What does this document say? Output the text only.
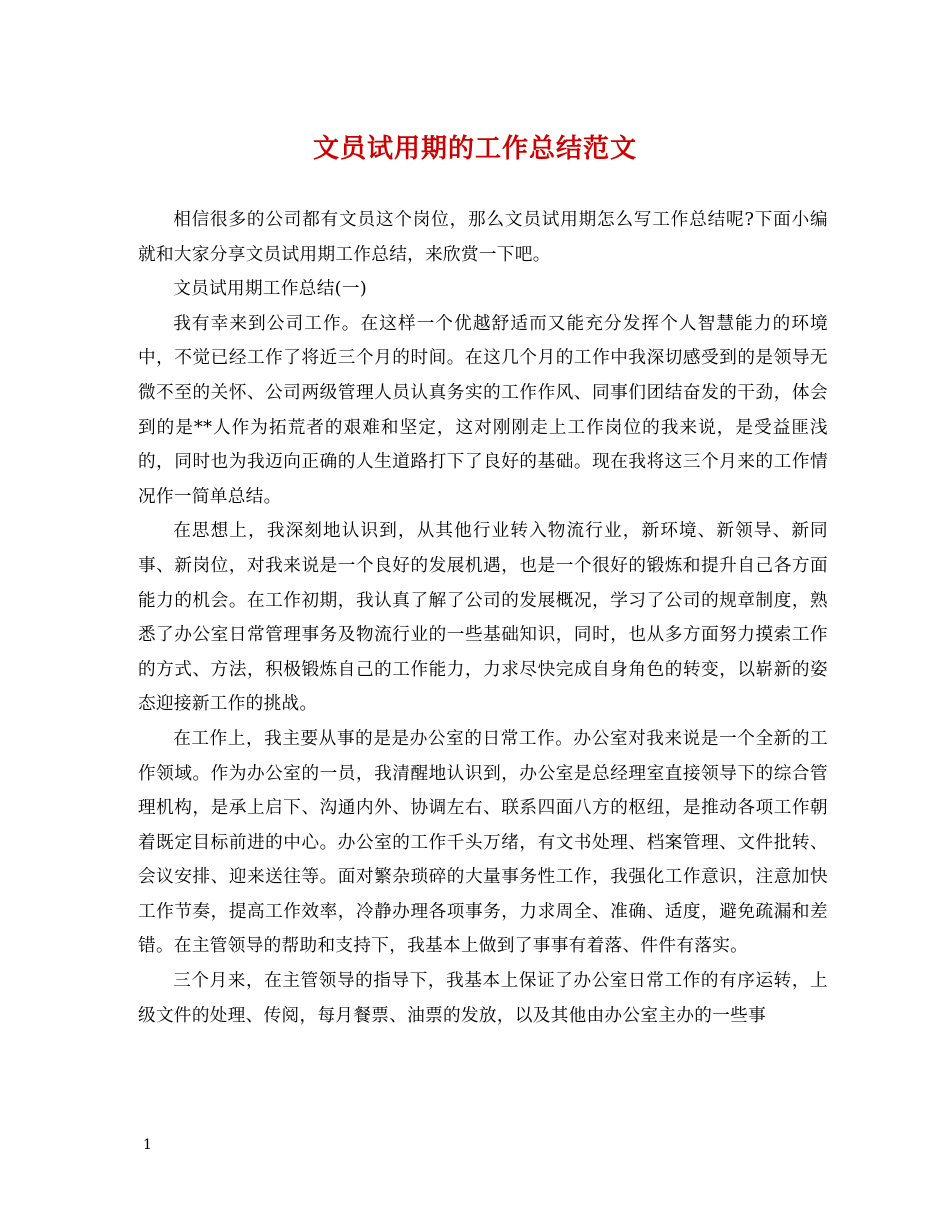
文员试用期的工作总结范文

相信很多的公司都有文员这个岗位，那么文员试用期怎么写工作总结呢?下面小编就和大家分享文员试用期工作总结，来欣赏一下吧。

文员试用期工作总结(一)

我有幸来到公司工作。在这样一个优越舒适而又能充分发挥个人智慧能力的环境中，不觉已经工作了将近三个月的时间。在这几个月的工作中我深切感受到的是领导无微不至的关怀、公司两级管理人员认真务实的工作作风、同事们团结奋发的干劲，体会到的是**人作为拓荒者的艰难和坚定，这对刚刚走上工作岗位的我来说，是受益匪浅的，同时也为我迈向正确的人生道路打下了良好的基础。现在我将这三个月来的工作情况作一简单总结。

在思想上，我深刻地认识到，从其他行业转入物流行业，新环境、新领导、新同事、新岗位，对我来说是一个良好的发展机遇，也是一个很好的锻炼和提升自己各方面能力的机会。在工作初期，我认真了解了公司的发展概况，学习了公司的规章制度，熟悉了办公室日常管理事务及物流行业的一些基础知识，同时，也从多方面努力摸索工作的方式、方法，积极锻炼自己的工作能力，力求尽快完成自身角色的转变，以崭新的姿态迎接新工作的挑战。

在工作上，我主要从事的是是办公室的日常工作。办公室对我来说是一个全新的工作领域。作为办公室的一员，我清醒地认识到，办公室是总经理室直接领导下的综合管理机构，是承上启下、沟通内外、协调左右、联系四面八方的枢纽，是推动各项工作朝着既定目标前进的中心。办公室的工作千头万绪，有文书处理、档案管理、文件批转、会议安排、迎来送往等。面对繁杂琐碎的大量事务性工作，我强化工作意识，注意加快工作节奏，提高工作效率，冷静办理各项事务，力求周全、准确、适度，避免疏漏和差错。在主管领导的帮助和支持下，我基本上做到了事事有着落、件件有落实。

三个月来，在主管领导的指导下，我基本上保证了办公室日常工作的有序运转，上级文件的处理、传阅，每月餐票、油票的发放，以及其他由办公室主办的一些事

1
